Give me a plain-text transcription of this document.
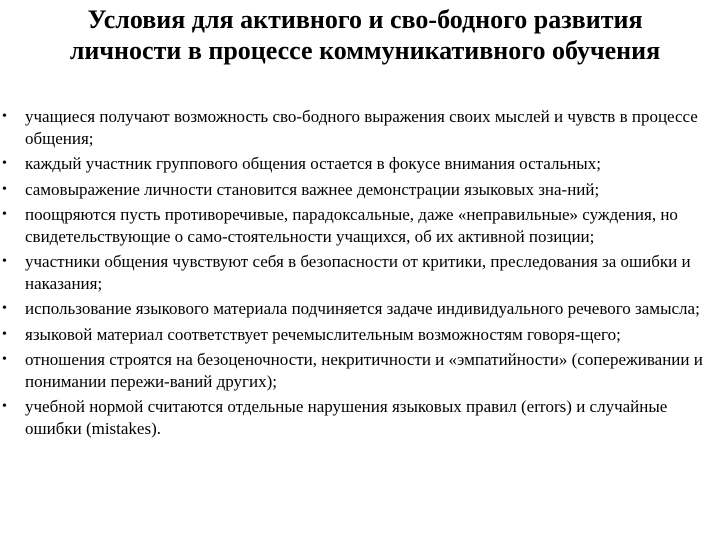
Условия для активного и сво-бодного развития личности в процессе коммуникативного обучения
• учащиеся получают возможность сво-бодного выражения своих мыслей и чувств в процессе общения;
• каждый участник группового общения остается в фокусе внимания остальных;
• самовыражение личности становится важнее демонстрации языковых зна-ний;
• поощряются пусть противоречивые, парадоксальные, даже «неправильные» суждения, но свидетельствующие о само-стоятельности учащихся, об их активной позиции;
• участники общения чувствуют себя в безопасности от критики, преследования за ошибки и наказания;
• использование языкового материала подчиняется задаче индивидуального речевого замысла;
• языковой материал соответствует речемыслительным возможностям говоря-щего;
• отношения строятся на безоценочности, некритичности и «эмпатийности» (сопереживании и понимании пережи-ваний других);
• учебной нормой считаются отдельные нарушения языковых правил (errors) и случайные ошибки (mistakes).
